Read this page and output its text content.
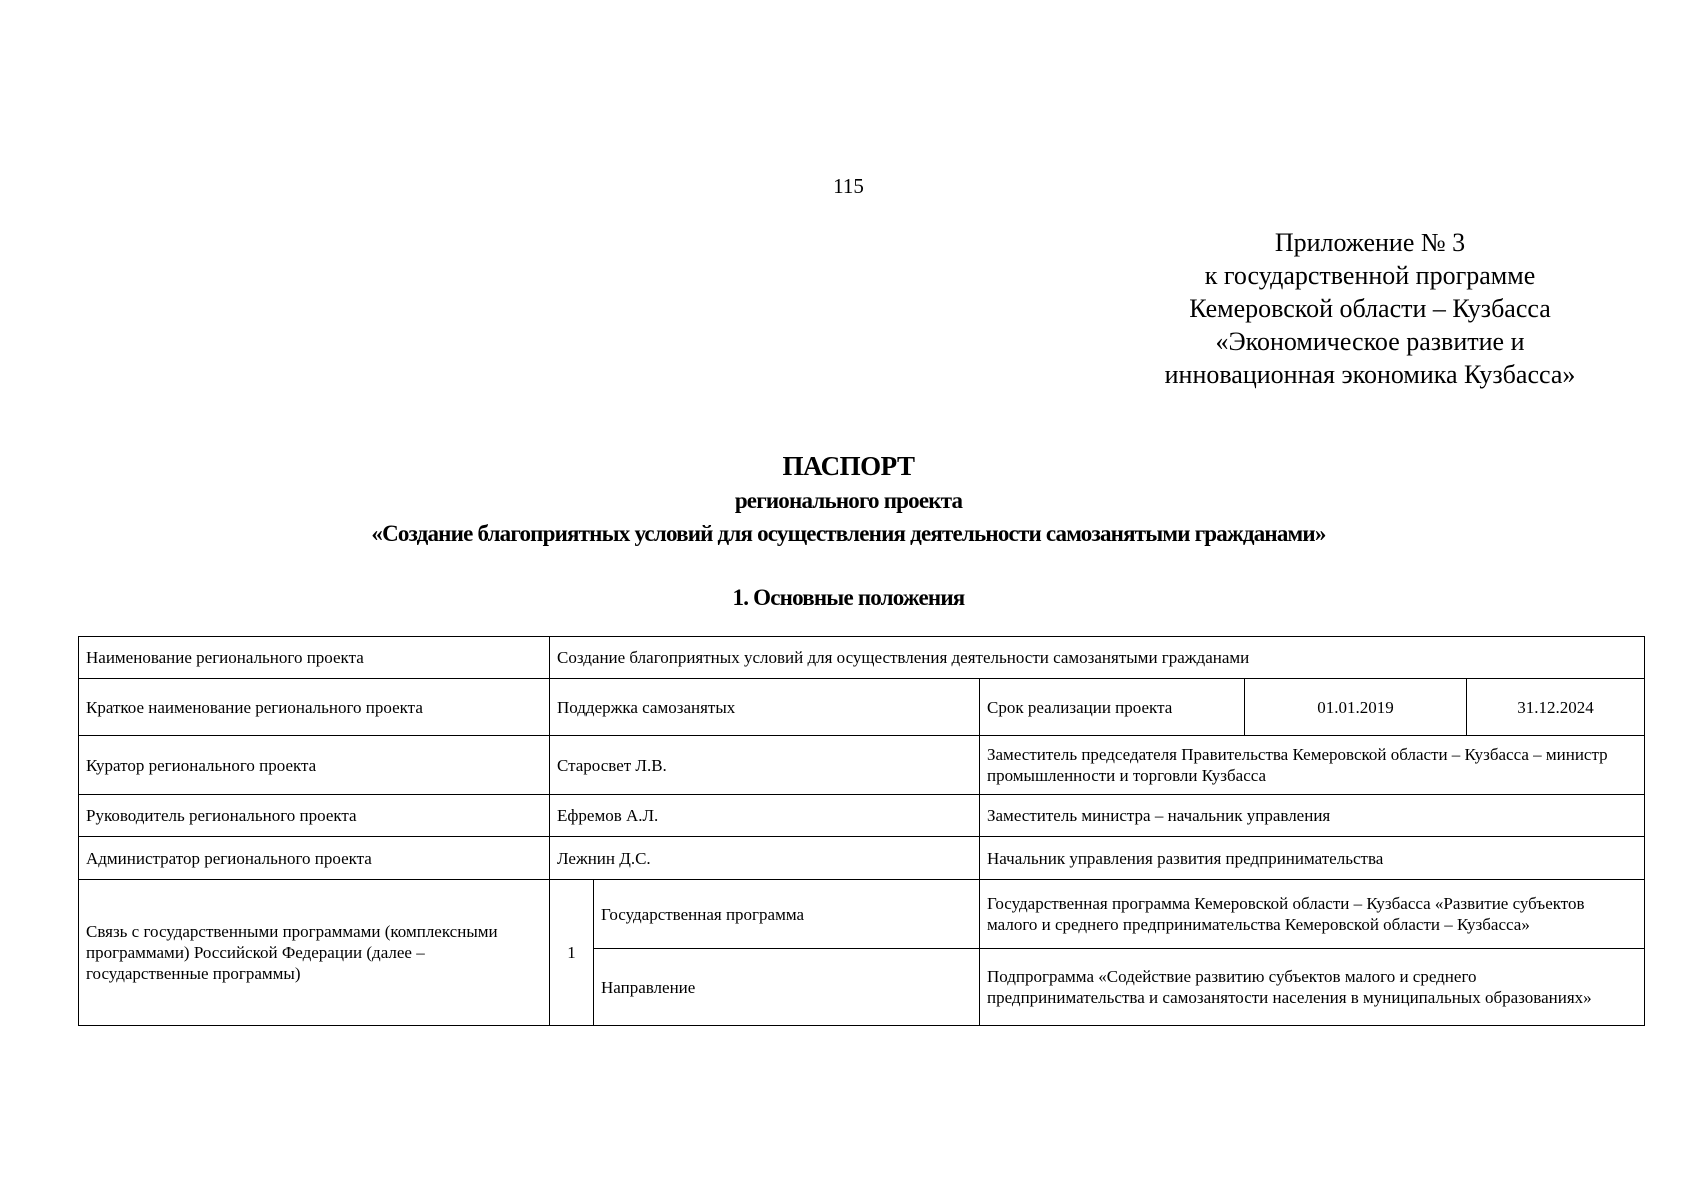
115
Приложение № 3
к государственной программе
Кемеровской области – Кузбасса
«Экономическое развитие и
инновационная экономика Кузбасса»
ПАСПОРТ
регионального проекта
«Создание благоприятных условий для осуществления деятельности самозанятыми гражданами»
1. Основные положения
Наименование регионального проекта	Создание благоприятных условий для осуществления деятельности самозанятыми гражданами				
Краткое наименование регионального проекта	Поддержка самозанятых		Срок реализации проекта	01.01.2019	31.12.2024
Куратор регионального проекта	Старосвет Л.В.		Заместитель председателя Правительства Кемеровской области – Кузбасса – министр промышленности и торговли Кузбасса		
Руководитель регионального проекта	Ефремов А.Л.		Заместитель министра – начальник управления		
Администратор регионального проекта	Лежнин Д.С.		Начальник управления развития предпринимательства		
Связь с государственными программами (комплексными программами) Российской Федерации (далее – государственные программы)	1	Государственная программа	Государственная программа Кемеровской области – Кузбасса «Развитие субъектов малого и среднего предпринимательства Кемеровской области – Кузбасса»		
		Направление	Подпрограмма «Содействие развитию субъектов малого и среднего предпринимательства и самозанятости населения в муниципальных образованиях»		
